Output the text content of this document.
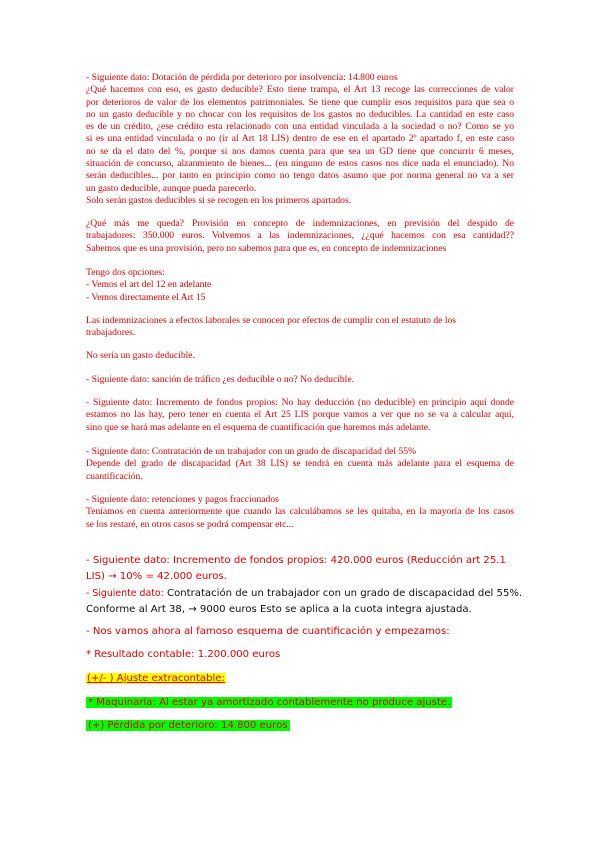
- Siguiente dato: Dotación de pérdida por deterioro por insolvencia: 14.800 euros
¿Qué hacemos con eso, es gasto deducible? Esto tiene trampa, el Art 13 recoge las correcciones de valor
por deterioros de valor de los elementos patrimoniales. Se tiene que cumplir esos requisitos para que sea o
no un gasto deducible y no chocar con los requisitos de los gastos no deducibles. La cantidad en este caso
es de un crédito, ¿ese crédito esta relacionado con una entidad vinculada a la sociedad o no? Como se yo
si es una entidad vinculada o no (ir al Art 18 LIS) dentro de ese en el apartado 2º apartado f, en este caso
no se da el dato del %, porque si nos damos cuenta para que sea un GD tiene que concurrir 6 meses,
situación de concurso, alzanmiento de bienes... (en ninguno de estos casos nos dice nada el enunciado). No
serán deducibles... por tanto en principio como no tengo datos asumo que por norma general no va a ser
un gasto deducible, aunque pueda parecerlo.
Solo serán gastos deducibles si se recogen en los primeros apartados.
¿Qué más me queda? Provisión en concepto de indemnizaciones, en previsión del despido de
trabajadores: 350.000 euros. Volvemos a las indemnizaciones, ¿¿qué hacemos con esa cantidad??
Sabemos que es una provisión, pero no sabemos para que es, en concepto de indemnizaciones
Tengo dos opciones:
- Vemos el art del 12 en adelante
- Vemos directamente el Art 15
Las indemnizaciones a efectos laborales se conocen por efectos de cumplir con el estatuto de los
trabajadores.
No sería un gasto deducible.
- Siguiente dato: sanción de tráfico ¿es deducible o no? No deducible.
- Siguiente dato: Incremento de fondos propios: No hay deducción (no deducible) en principio aquí donde
estamos no las hay, pero tener en cuenta el Art 25 LIS porque vamos a ver que no se va a calcular aquí,
sino que se hará mas adelante en el esquema de cuantificación que haremos más adelante.
- Siguiente dato: Contratación de un trabajador con un grado de discapacidad del 55%
Depende del grado de discapacidad (Art 38 LIS) se tendrá en cuenta más adelante para el esquema de
cuantificación.
- Siguiente dato: retenciones y pagos fraccionados
Teníamos en cuenta anteriormente que cuando las calculábamos se les quitaba, en la mayoría de los casos
se los restaré, en otros casos se podrá compensar etc...
- Siguiente dato: Incremento de fondos propios: 420.000 euros (Reducción art 25.1
LIS) → 10% = 42.000 euros.
- Siguiente dato: Contratación de un trabajador con un grado de discapacidad del 55%.
Conforme al Art 38, → 9000 euros Esto se aplica a la cuota integra ajustada.
- Nos vamos ahora al famoso esquema de cuantificación y empezamos:
* Resultado contable: 1.200.000 euros
(+/- ) Ajuste extracontable:
* Maquinaria: Al estar ya amortizado contablemente no produce ajuste.
(+) Pérdida por deterioro: 14.800 euros
